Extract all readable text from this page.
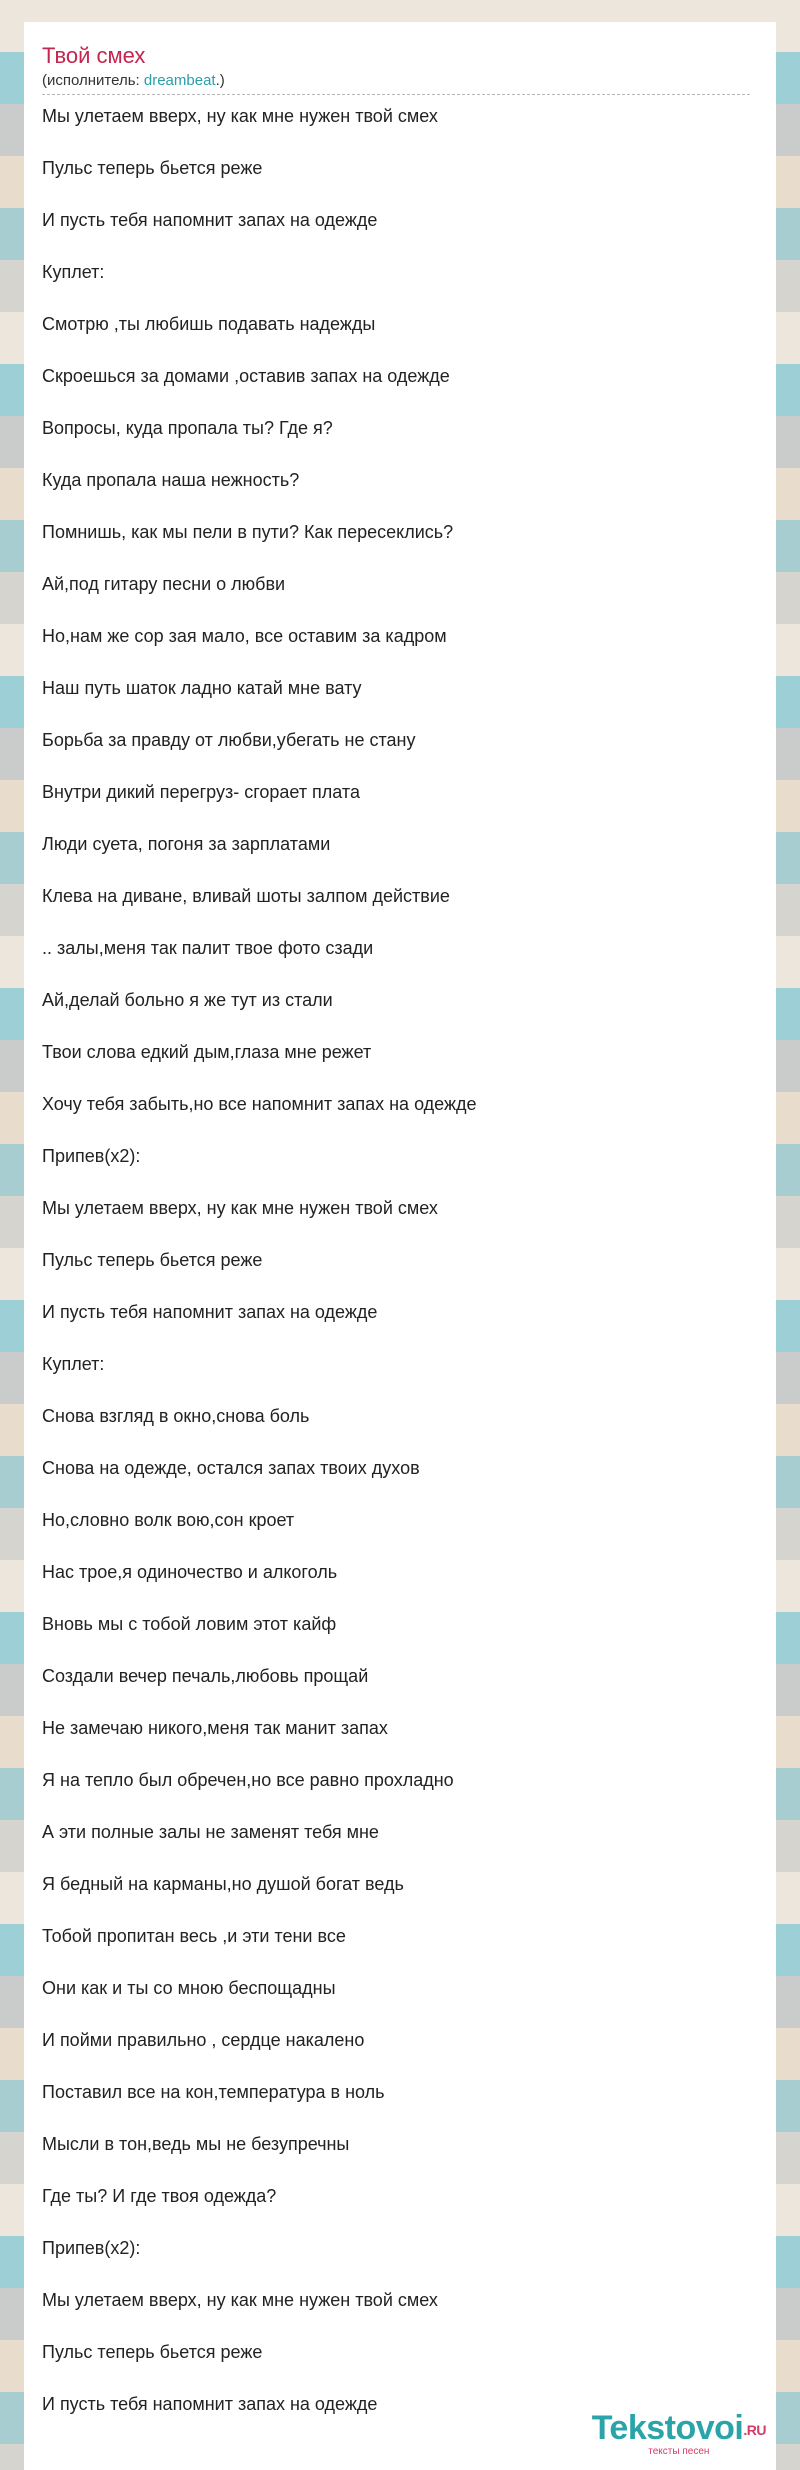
Твой смех
(исполнитель: dreambeat.)

Мы улетаем вверх, ну как мне нужен твой смех

Пульс теперь бьется реже

И пусть тебя напомнит запах на одежде

Куплет:

Смотрю ,ты любишь подавать надежды

Скроешься за домами ,оставив запах на одежде

Вопросы, куда пропала ты? Где я?

Куда пропала наша нежность?

Помнишь, как мы пели в пути? Как пересеклись?

Ай,под гитару песни о любви

Но,нам же сор зая мало, все оставим за кадром

Наш путь шаток ладно катай мне вату

Борьба за правду от любви,убегать не стану

Внутри дикий перегруз- сгорает плата

Люди суета, погоня за зарплатами

Клева на диване, вливай шоты залпом действие

.. залы,меня так палит твое фото сзади

Ай,делай больно я же тут из стали

Твои слова едкий дым,глаза мне режет

Хочу тебя забыть,но все напомнит запах на одежде

Припев(x2):

Мы улетаем вверх, ну как мне нужен твой смех

Пульс теперь бьется реже

И пусть тебя напомнит запах на одежде

Куплет:

Снова взгляд в окно,снова боль

Снова на одежде, остался запах твоих духов

Но,словно волк вою,сон кроет

Нас трое,я одиночество и алкоголь

Вновь мы с тобой ловим этот кайф

Создали вечер печаль,любовь прощай

Не замечаю никого,меня так манит запах

Я на тепло был обречен,но все равно прохладно

А эти полные залы не заменят тебя мне

Я бедный на карманы,но душой богат ведь

Тобой пропитан весь ,и эти тени все

Они как и ты со мною беспощадны

И пойми правильно , сердце накалено

Поставил все на кон,температура в ноль

Мысли в тон,ведь мы не безупречны

Где ты? И где твоя одежда?

Припев(x2):

Мы улетаем вверх, ну как мне нужен твой смех

Пульс теперь бьется реже

И пусть тебя напомнит запах на одежде

Tekstovoi.RU
тексты песен
